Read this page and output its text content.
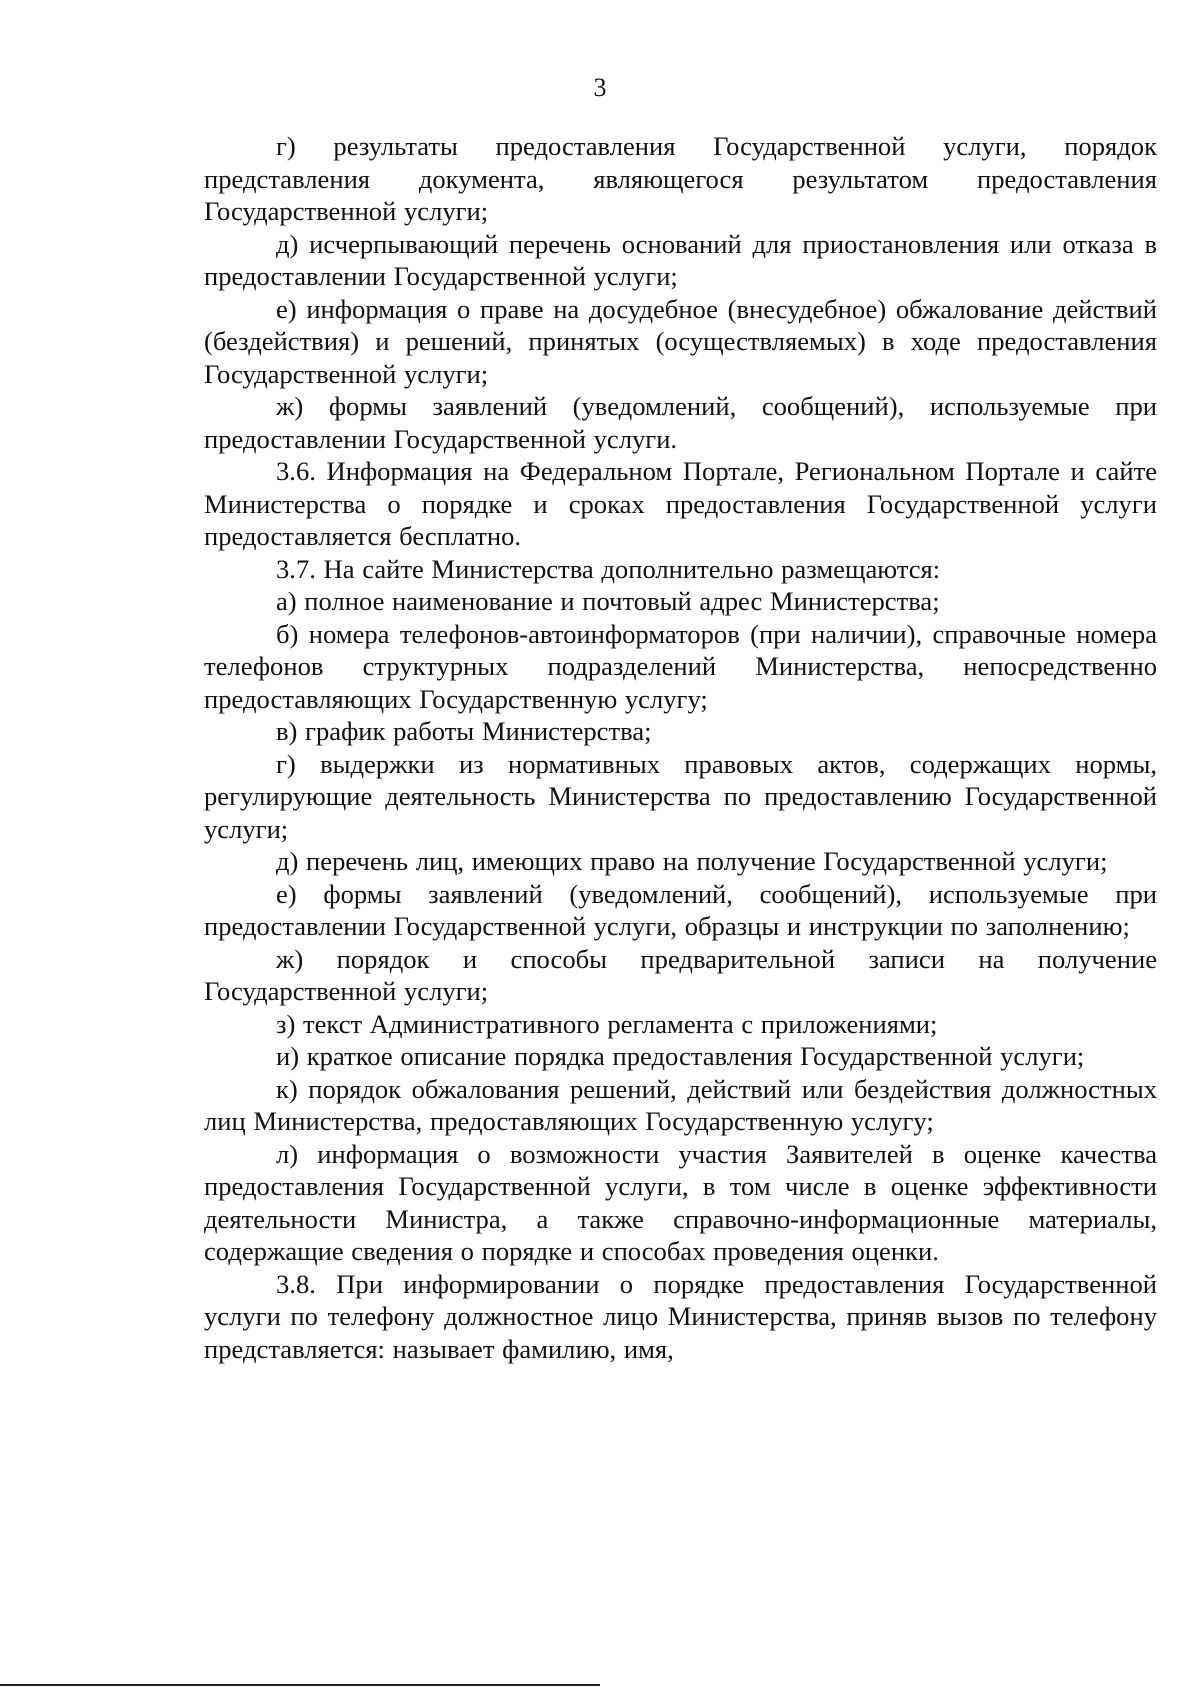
3

г) результаты предоставления Государственной услуги, порядок представления документа, являющегося результатом предоставления Государственной услуги;

д) исчерпывающий перечень оснований для приостановления или отказа в предоставлении Государственной услуги;

е) информация о праве на досудебное (внесудебное) обжалование действий (бездействия) и решений, принятых (осуществляемых) в ходе предоставления Государственной услуги;

ж) формы заявлений (уведомлений, сообщений), используемые при предоставлении Государственной услуги.

3.6. Информация на Федеральном Портале, Региональном Портале и сайте Министерства о порядке и сроках предоставления Государственной услуги предоставляется бесплатно.

3.7. На сайте Министерства дополнительно размещаются:

а) полное наименование и почтовый адрес Министерства;

б) номера телефонов-автоинформаторов (при наличии), справочные номера телефонов структурных подразделений Министерства, непосредственно предоставляющих Государственную услугу;

в) график работы Министерства;

г) выдержки из нормативных правовых актов, содержащих нормы, регулирующие деятельность Министерства по предоставлению Государственной услуги;

д) перечень лиц, имеющих право на получение Государственной услуги;

е) формы заявлений (уведомлений, сообщений), используемые при предоставлении Государственной услуги, образцы и инструкции по заполнению;

ж) порядок и способы предварительной записи на получение Государственной услуги;

з) текст Административного регламента с приложениями;

и) краткое описание порядка предоставления Государственной услуги;

к) порядок обжалования решений, действий или бездействия должностных лиц Министерства, предоставляющих Государственную услугу;

л) информация о возможности участия Заявителей в оценке качества предоставления Государственной услуги, в том числе в оценке эффективности деятельности Министра, а также справочно-информационные материалы, содержащие сведения о порядке и способах проведения оценки.

3.8. При информировании о порядке предоставления Государственной услуги по телефону должностное лицо Министерства, приняв вызов по телефону представляется: называет фамилию, имя,
